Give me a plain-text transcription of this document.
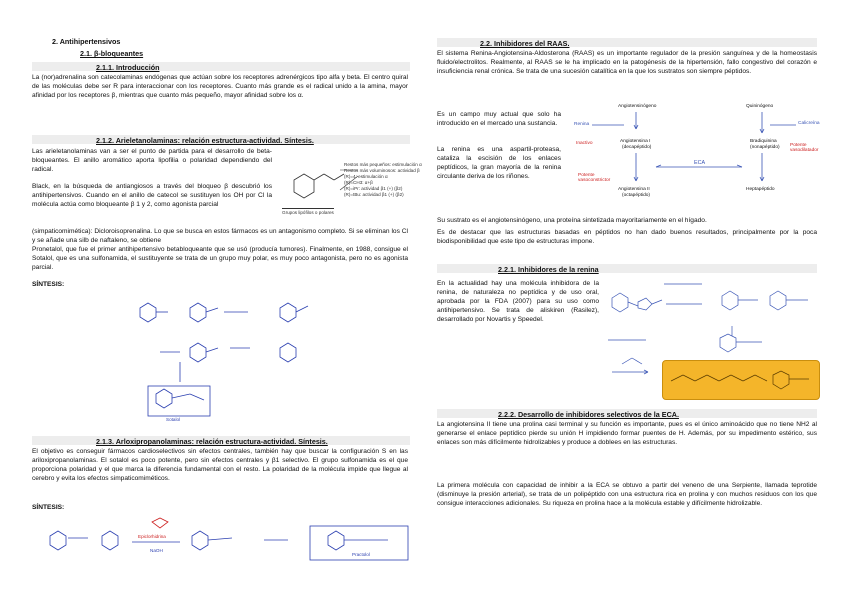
2. Antihipertensivos
2.1. β-bloqueantes
2.1.1. Introducción

La (nor)adrenalina son catecolaminas endógenas que actúan sobre los receptores adrenérgicos tipo alfa y beta. El centro quiral de las moléculas debe ser R para interaccionar con los receptores. Cuanto más grande es el radical unido a la amina, mayor afinidad por los receptores β, mientras que cuanto más pequeño, mayor afinidad sobre los α.

2.1.2. Arieletanolaminas: relación estructura-actividad. Síntesis.

Las arieletanolaminas van a ser el punto de partida para el desarrollo de beta-bloqueantes. El anillo aromático aporta lipofilia o polaridad dependiendo del radical.

Black, en la búsqueda de antiangiosos a través del bloqueo β descubrió los antihipertensivos. Cuando en el anillo de catecol se sustituyen los OH por Cl la molécula actúa como bloqueante β 1 y 2, como agonista parcial

Restos más pequeños: estimulación α
Restos más voluminosos: actividad β
(R)=4: estimulación α
(R)=CH3: α+β
(R)=iPr: actividad β1 (+) (β2)
(R)=tBu: actividad β1 (+) (β2)
Grupos lipófilos o polares

(simpaticomimética): Dicloroisoprenalina. Lo que se busca en estos fármacos es un antagonismo completo. Si se eliminan los Cl y se añade una silb de naftaleno, se obtiene

Pronetalol, que fue el primer antihipertensivo betabloqueante que se usó (producía tumores). Finalmente, en 1988, consigue el Sotalol, que es una sulfonamida, el sustituyente se trata de un grupo muy polar, es muy poco antagonista, pero no es agonista parcial.

SÍNTESIS:
Sotalol
2.1.3. Arloxipropanolaminas: relación estructura-actividad. Síntesis.

El objetivo es conseguir fármacos cardioselectivos sin efectos centrales, también hay que buscar la configuración S en las ariloxipropanolaminas. El sotalol es poco potente, pero sin efectos centrales y β1 selectivo. El grupo sulfonamida es el que proporciona polaridad y el que marca la diferencia fundamental con el resto. La polaridad de la molécula impide que llegue al cerebro y evita los efectos simpaticomiméticos.

SÍNTESIS:
Epiclorhidrina
NaOH
Practolol
2.2. Inhibidores del RAAS.

El sistema Renina-Angiotensina-Aldosterona (RAAS) es un importante regulador de la presión sanguínea y de la homeostasis fluido/electrolitos. Realmente, al RAAS se le ha implicado en la patogénesis de la hipertensión, fallo congestivo del corazón e insuficiencia renal crónica. Se trata de una sucesión catalítica en la que los sustratos son siempre péptidos.

Es un campo muy actual que solo ha introducido en el mercado una sustancia.

La renina es una aspartil-proteasa, cataliza la escisión de los enlaces peptídicos, la gran mayoría de la renina circulante deriva de los riñones.

Angiotensinógeno	Quininógeno
Renina	Calicreína
Inactivo	Angiotensina I
(decapéptido)
Bradiquinina
(nonapéptido) Potente vasodilatador
ECA
Potente vasoconstrictor
Angiotensina II
(octapéptido)
Heptapéptido

Su sustrato es el angiotensinógeno, una proteína sintetizada mayoritariamente en el hígado.

Es de destacar que las estructuras basadas en péptidos no han dado buenos resultados, principalmente por la poca biodisponibilidad que este tipo de estructuras impone.

2.2.1. Inhibidores de la renina

En la actualidad hay una molécula inhibidora de la renina, de naturaleza no peptídica y de uso oral, aprobada por la FDA (2007) para su uso como antihipertensivo. Se trata de aliskiren (Rasilez), desarrollado por Novartis y Speedel.

2.2.2. Desarrollo de inhibidores selectivos de la ECA.

La angiotensina II tiene una prolina casi terminal y su función es importante, pues es el único aminoácido que no tiene NH2 al generarse el enlace peptídico pierde su unión H impidiendo formar puentes de H. Además, por su impedimento estérico, sus enlaces son más difícilmente hidrolizables y produce a doblees en las estructuras.

La primera molécula con capacidad de inhibir a la ECA se obtuvo a partir del veneno de una Serpiente, llamada teprotide (disminuye la presión arterial), se trata de un polipéptido con una estructura rica en prolina y con muchos residuos con los que consigue interacciones adicionales. Su riqueza en prolina hace a la molécula estable y difícilmente hidrolizable.
